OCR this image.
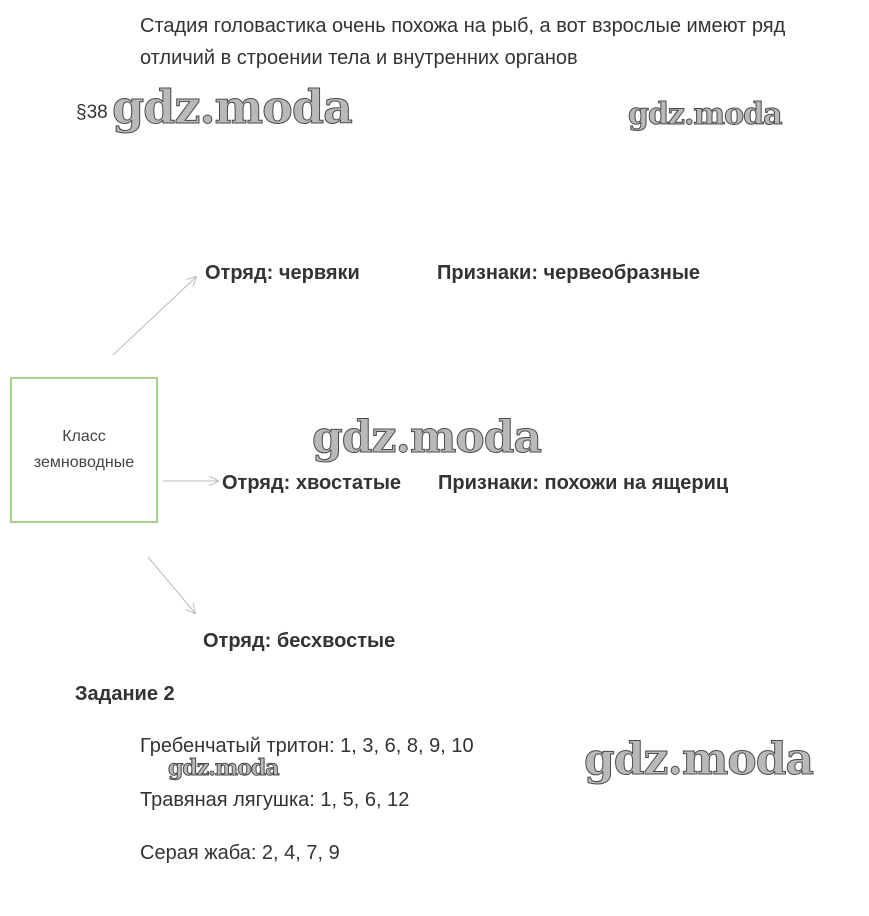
Стадия головастика очень похожа на рыб, а вот взрослые имеют ряд отличий в строении тела и внутренних органов
§38 gdz.moda	gdz.moda
gdz.moda
gdz.moda	gdz.moda
Класс
земноводные
Отряд: червяки	Признаки: червеобразные
Отряд: хвостатые Признаки: похожи на ящериц
Отряд: бесхвостые
Задание 2
Гребенчатый тритон: 1, 3, 6, 8, 9, 10
Травяная лягушка: 1, 5, 6, 12
Серая жаба: 2, 4, 7, 9
